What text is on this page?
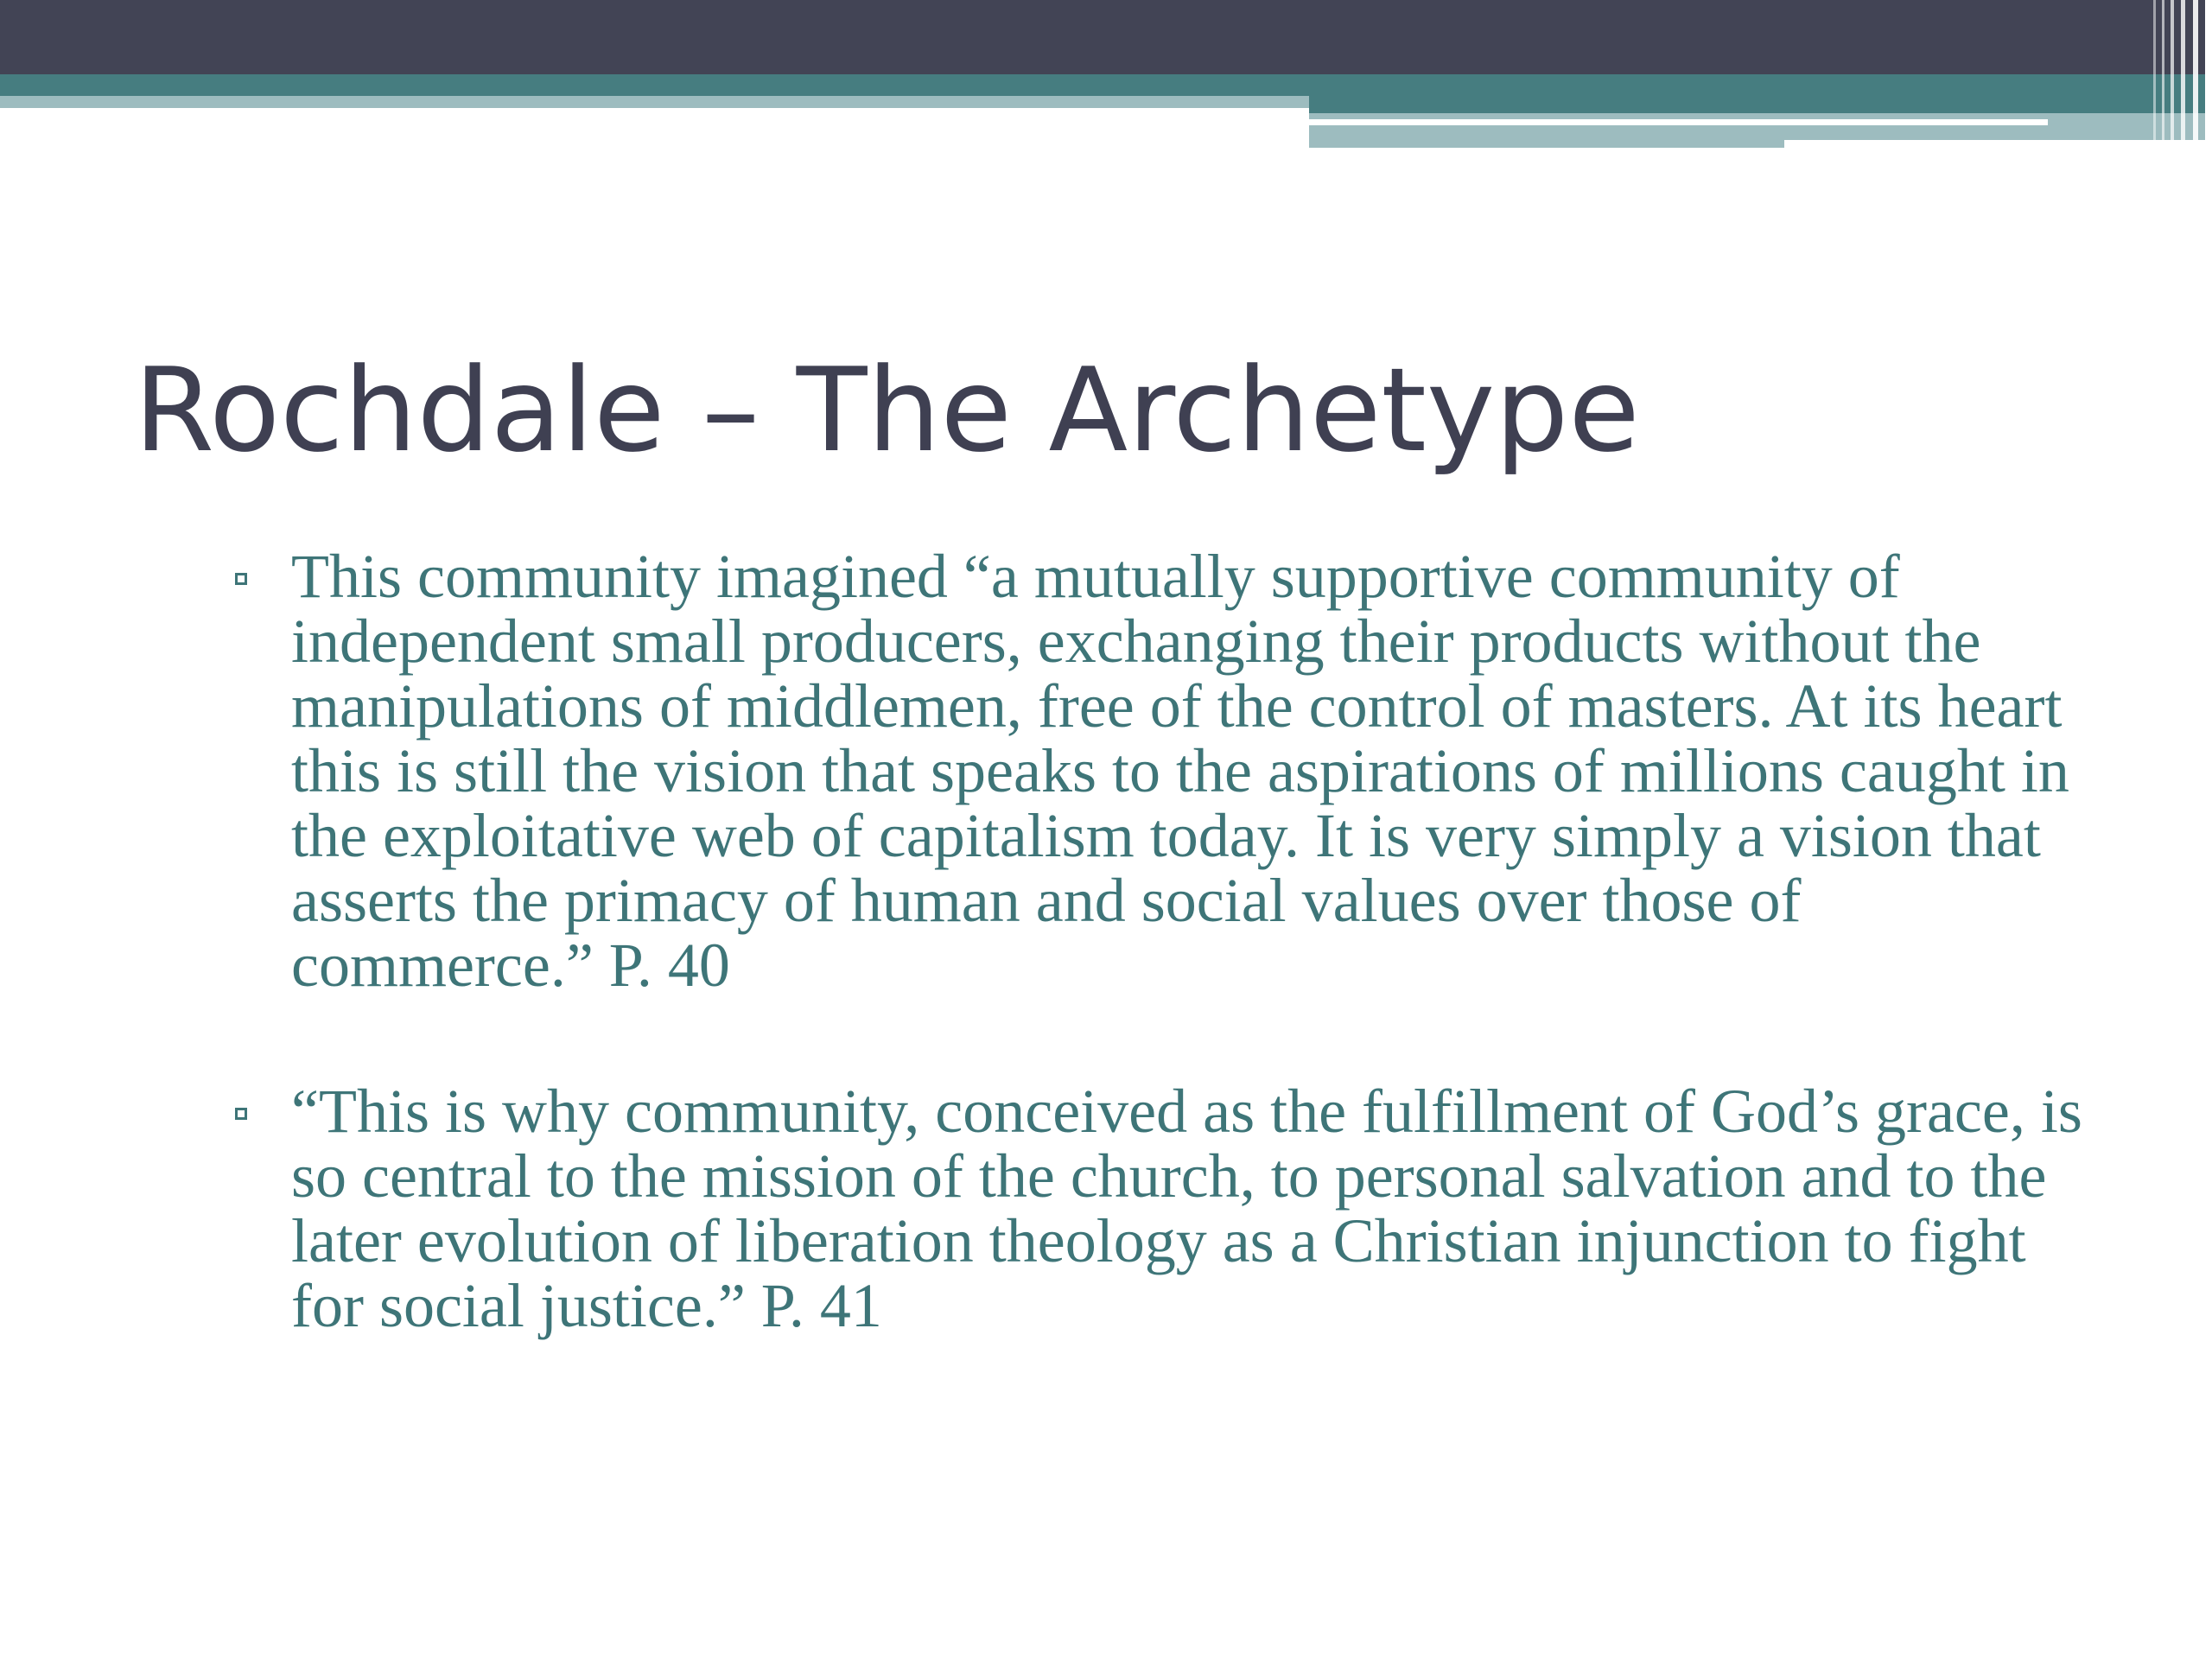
Rochdale – The Archetype
This community imagined “a mutually supportive community of independent small producers, exchanging their products without the manipulations of middlemen, free of the control of masters. At its heart this is still the vision that speaks to the aspirations of millions caught in the exploitative web of capitalism today. It is very simply a vision that asserts the primacy of human and social values over those of commerce.” P. 40
“This is why community, conceived as the fulfillment of God’s grace, is so central to the mission of the church, to personal salvation and to the later evolution of liberation theology as a Christian injunction to fight for social justice.” P. 41
